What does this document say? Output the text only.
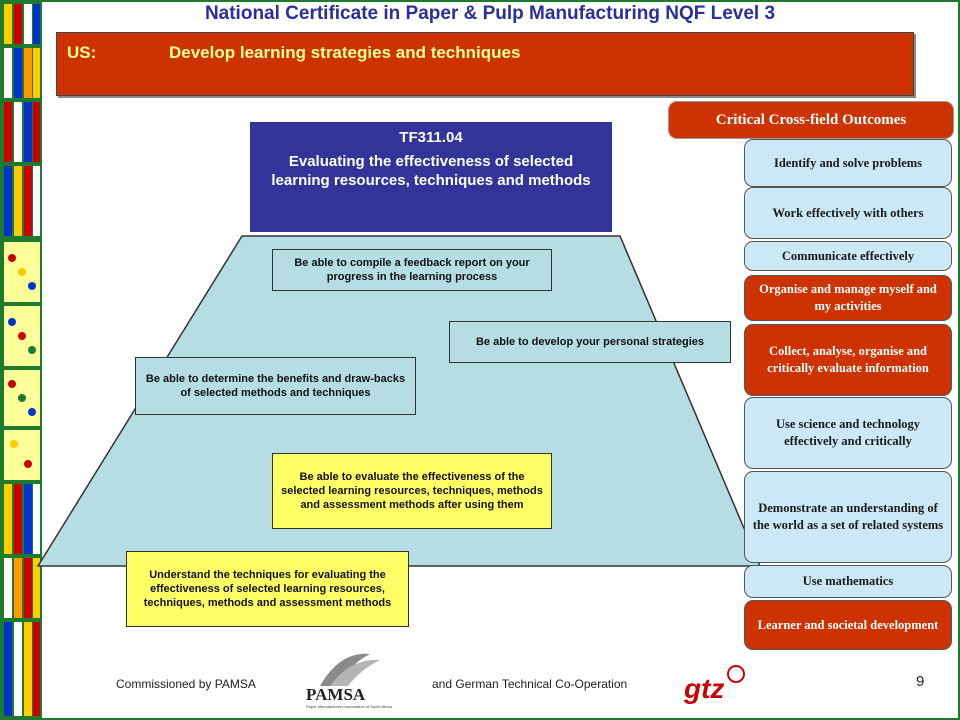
National Certificate in Paper & Pulp Manufacturing NQF Level 3
US:	Develop learning strategies and techniques
TF311.04
Evaluating the effectiveness of selected learning resources, techniques and methods
Be able to compile a feedback report on your progress in the learning process
Be able to develop your personal strategies
Be able to determine the benefits and draw-backs of selected methods and techniques
Be able to evaluate the effectiveness of the selected learning resources, techniques, methods and assessment methods after using them
Understand the techniques for evaluating the effectiveness of selected learning resources, techniques, methods and assessment methods
Critical Cross-field Outcomes
Identify and solve problems
Work effectively with others
Communicate effectively
Organise and manage myself and my activities
Collect, analyse, organise and critically evaluate information
Use science and technology effectively and critically
Demonstrate an understanding of the world as a set of related systems
Use mathematics
Learner and societal development
Commissioned by PAMSA
PAMSA
Paper Manufacturers Association of South Africa
and German Technical Co-Operation gtz	9
